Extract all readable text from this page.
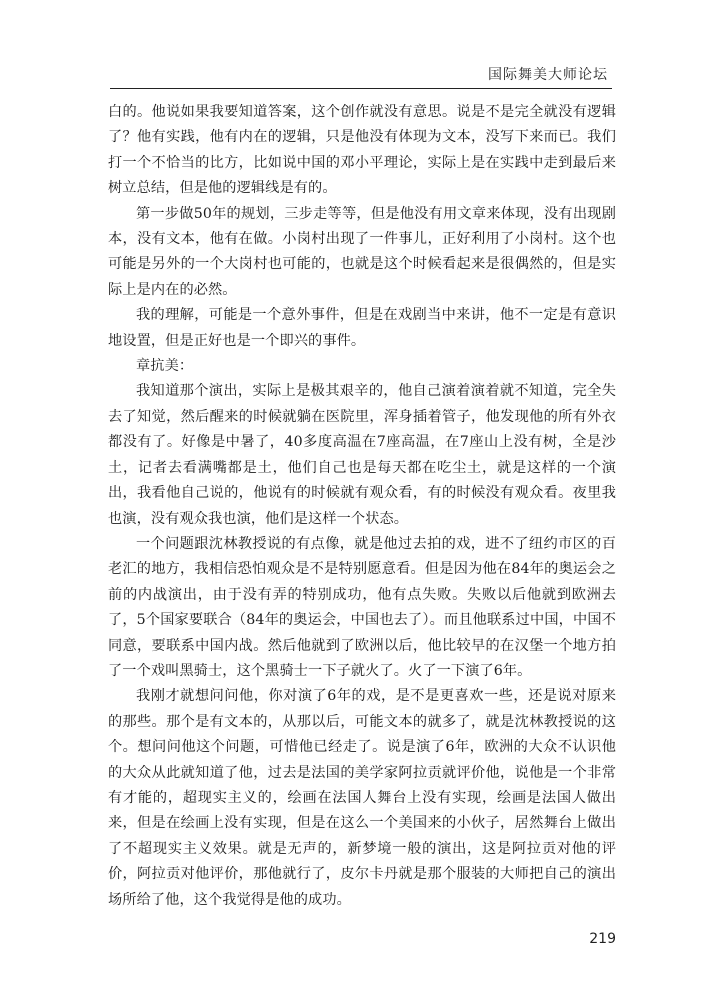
国际舞美大师论坛

白的。他说如果我要知道答案，这个创作就没有意思。说是不是完全就没有逻辑了？他有实践，他有内在的逻辑，只是他没有体现为文本，没写下来而已。我们打一个不恰当的比方，比如说中国的邓小平理论，实际上是在实践中走到最后来树立总结，但是他的逻辑线是有的。

第一步做50年的规划，三步走等等，但是他没有用文章来体现，没有出现剧本，没有文本，他有在做。小岗村出现了一件事儿，正好利用了小岗村。这个也可能是另外的一个大岗村也可能的，也就是这个时候看起来是很偶然的，但是实际上是内在的必然。

我的理解，可能是一个意外事件，但是在戏剧当中来讲，他不一定是有意识地设置，但是正好也是一个即兴的事件。

章抗美：

我知道那个演出，实际上是极其艰辛的，他自己演着演着就不知道，完全失去了知觉，然后醒来的时候就躺在医院里，浑身插着管子，他发现他的所有外衣都没有了。好像是中暑了，40多度高温在7座高温，在7座山上没有树，全是沙土，记者去看满嘴都是土，他们自己也是每天都在吃尘土，就是这样的一个演出，我看他自己说的，他说有的时候就有观众看，有的时候没有观众看。夜里我也演，没有观众我也演，他们是这样一个状态。

一个问题跟沈林教授说的有点像，就是他过去拍的戏，进不了纽约市区的百老汇的地方，我相信恐怕观众是不是特别愿意看。但是因为他在84年的奥运会之前的内战演出，由于没有弄的特别成功，他有点失败。失败以后他就到欧洲去了，5个国家要联合（84年的奥运会，中国也去了）。而且他联系过中国，中国不同意，要联系中国内战。然后他就到了欧洲以后，他比较早的在汉堡一个地方拍了一个戏叫黑骑士，这个黑骑士一下子就火了。火了一下演了6年。

我刚才就想问问他，你对演了6年的戏，是不是更喜欢一些，还是说对原来的那些。那个是有文本的，从那以后，可能文本的就多了，就是沈林教授说的这个。想问问他这个问题，可惜他已经走了。说是演了6年，欧洲的大众不认识他的大众从此就知道了他，过去是法国的美学家阿拉贡就评价他，说他是一个非常有才能的，超现实主义的，绘画在法国人舞台上没有实现，绘画是法国人做出来，但是在绘画上没有实现，但是在这么一个美国来的小伙子，居然舞台上做出了不超现实主义效果。就是无声的，新梦境一般的演出，这是阿拉贡对他的评价，阿拉贡对他评价，那他就行了，皮尔卡丹就是那个服装的大师把自己的演出场所给了他，这个我觉得是他的成功。

219
